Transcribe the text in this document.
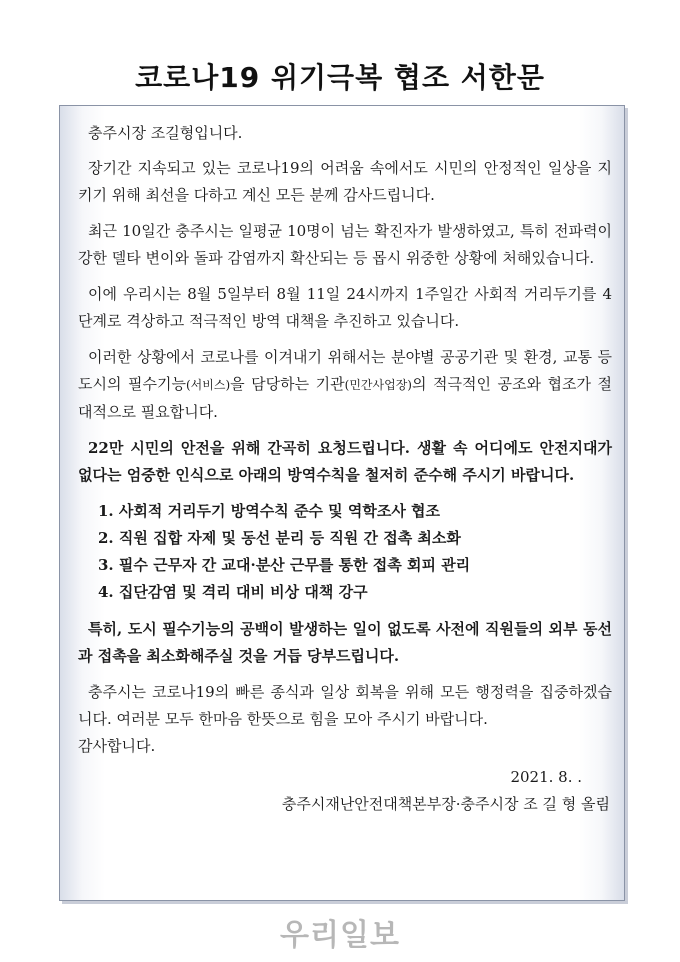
코로나19 위기극복 협조 서한문

충주시장 조길형입니다.

장기간 지속되고 있는 코로나19의 어려움 속에서도 시민의 안정적인 일상을 지키기 위해 최선을 다하고 계신 모든 분께 감사드립니다.

최근 10일간 충주시는 일평균 10명이 넘는 확진자가 발생하였고, 특히 전파력이 강한 델타 변이와 돌파 감염까지 확산되는 등 몹시 위중한 상황에 처해있습니다.

이에 우리시는 8월 5일부터 8월 11일 24시까지 1주일간 사회적 거리두기를 4단계로 격상하고 적극적인 방역 대책을 추진하고 있습니다.

이러한 상황에서 코로나를 이겨내기 위해서는 분야별 공공기관 및 환경, 교통 등 도시의 필수기능(서비스)을 담당하는 기관(민간사업장)의 적극적인 공조와 협조가 절대적으로 필요합니다.

22만 시민의 안전을 위해 간곡히 요청드립니다. 생활 속 어디에도 안전지대가 없다는 엄중한 인식으로 아래의 방역수칙을 철저히 준수해 주시기 바랍니다.

1. 사회적 거리두기 방역수칙 준수 및 역학조사 협조
2. 직원 집합 자제 및 동선 분리 등 직원 간 접촉 최소화
3. 필수 근무자 간 교대·분산 근무를 통한 접촉 회피 관리
4. 집단감염 및 격리 대비 비상 대책 강구

특히, 도시 필수기능의 공백이 발생하는 일이 없도록 사전에 직원들의 외부 동선과 접촉을 최소화해주실 것을 거듭 당부드립니다.

충주시는 코로나19의 빠른 종식과 일상 회복을 위해 모든 행정력을 집중하겠습니다. 여러분 모두 한마음 한뜻으로 힘을 모아 주시기 바랍니다.

감사합니다.

2021. 8. .

충주시재난안전대책본부장·충주시장 조 길 형 올림

우리일보
